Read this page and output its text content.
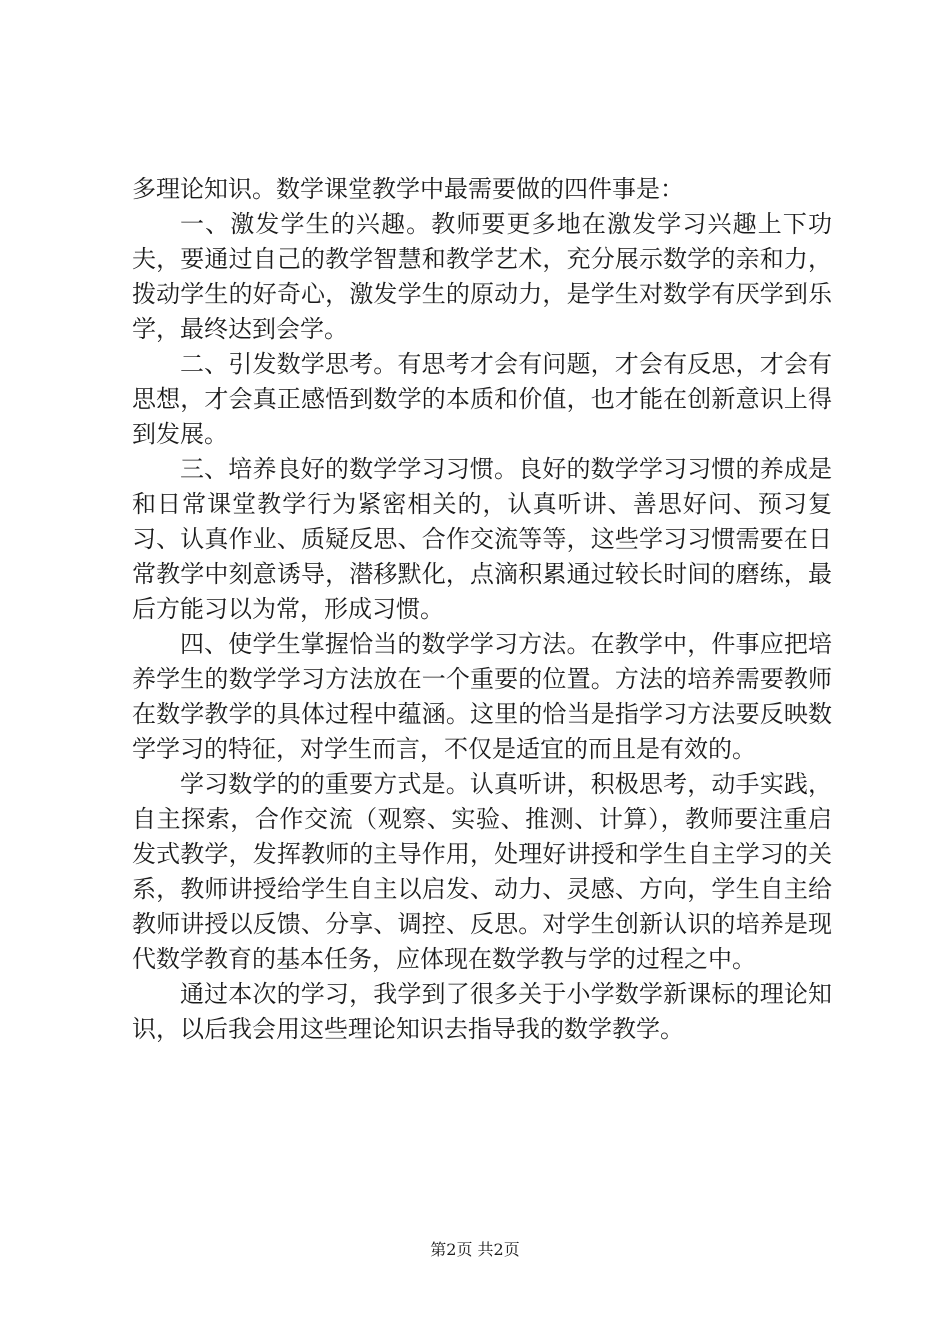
多理论知识。数学课堂教学中最需要做的四件事是：

一、激发学生的兴趣。教师要更多地在激发学习兴趣上下功夫，要通过自己的教学智慧和教学艺术，充分展示数学的亲和力，拨动学生的好奇心，激发学生的原动力，是学生对数学有厌学到乐学，最终达到会学。

二、引发数学思考。有思考才会有问题，才会有反思，才会有思想，才会真正感悟到数学的本质和价值，也才能在创新意识上得到发展。

三、培养良好的数学学习习惯。良好的数学学习习惯的养成是和日常课堂教学行为紧密相关的，认真听讲、善思好问、预习复习、认真作业、质疑反思、合作交流等等，这些学习习惯需要在日常教学中刻意诱导，潜移默化，点滴积累通过较长时间的磨练，最后方能习以为常，形成习惯。

四、使学生掌握恰当的数学学习方法。在教学中，件事应把培养学生的数学学习方法放在一个重要的位置。方法的培养需要教师在数学教学的具体过程中蕴涵。这里的恰当是指学习方法要反映数学学习的特征，对学生而言，不仅是适宜的而且是有效的。

学习数学的的重要方式是。认真听讲，积极思考，动手实践，自主探索，合作交流（观察、实验、推测、计算），教师要注重启发式教学，发挥教师的主导作用，处理好讲授和学生自主学习的关系，教师讲授给学生自主以启发、动力、灵感、方向，学生自主给教师讲授以反馈、分享、调控、反思。对学生创新认识的培养是现代数学教育的基本任务，应体现在数学教与学的过程之中。

通过本次的学习，我学到了很多关于小学数学新课标的理论知识，以后我会用这些理论知识去指导我的数学教学。

第2页 共2页
